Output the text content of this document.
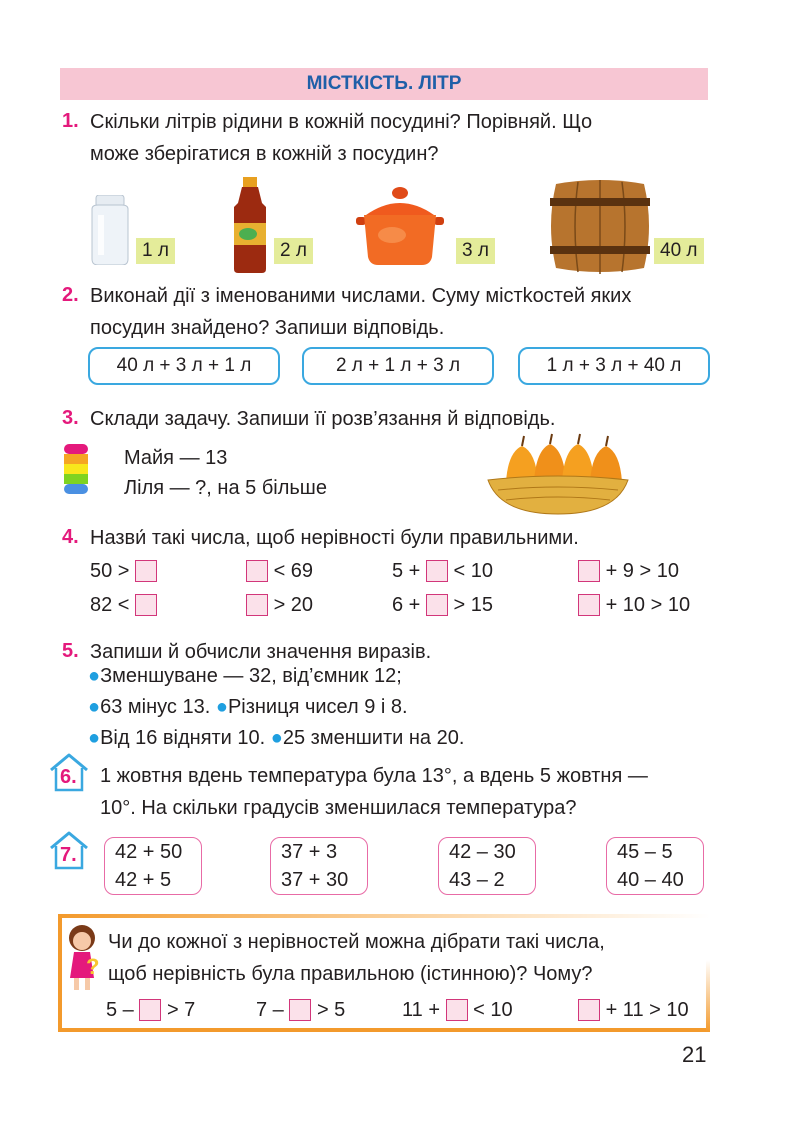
МІСТКІСТЬ. ЛІТР
1. Скільки літрів рідини в кожній посудині? Порівняй. Що
може зберігатися в кожній з посудин?
1 л	2 л	3 л	40 л
2. Виконай дії з іменованими числами. Суму містkостей яких
посудин знайдено? Запиши відповідь.
40 л + 3 л + 1 л	2 л + 1 л + 3 л	1 л + 3 л + 40 л
3. Склади задачу. Запиши її розв’язання й відповідь.
Майя — 13
Ліля — ?, на 5 більше
4. Назви́ такі числа, щоб нерівності були правильними.
50 >	< 69	5 + < 10	+ 9 > 10
82 <	> 20	6 + > 15	+ 10 > 10
5. Запиши й обчисли значення виразів.
●Зменшуване — 32, від’ємник 12;
●63 мінус 13. ●Різниця чисел 9 і 8.
●Від 16 відняти 10. ●25 зменшити на 20.
6. 1 жовтня вдень температура була 13°, а вдень 5 жовтня —
10°. На скільки градусів зменшилася температура?
7. 42 + 50
42 + 5
37 + 3
37 + 30
42 – 30
43 – 2
45 – 5
40 – 40
?
Чи до кожної з нерівностей можна дібрати такі числа,
щоб нерівність була правильною (істинною)? Чому?
5 – > 7	7 – > 5	11 + < 10	+ 11 > 10
21
